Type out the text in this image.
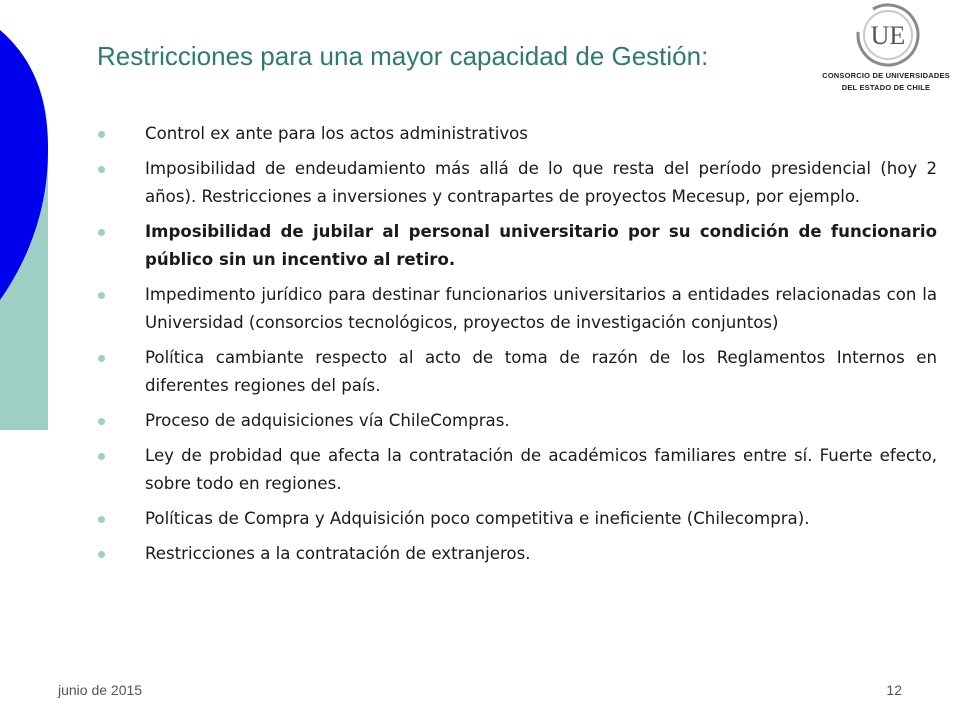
Restricciones para una mayor capacidad de Gestión:
UE
CONSORCIO DE UNIVERSIDADES
DEL ESTADO DE CHILE
Control ex ante para los actos administrativos
Imposibilidad de endeudamiento más allá de lo que resta del período presidencial (hoy 2 años). Restricciones a inversiones y contrapartes de proyectos Mecesup, por ejemplo.
Imposibilidad de jubilar al personal universitario por su condición de funcionario público sin un incentivo al retiro.
Impedimento jurídico para destinar funcionarios universitarios a entidades relacionadas con la Universidad (consorcios tecnológicos, proyectos de investigación conjuntos)
Política cambiante respecto al acto de toma de razón de los Reglamentos Internos en diferentes regiones del país.
Proceso de adquisiciones vía ChileCompras.
Ley de probidad que afecta la contratación de académicos familiares entre sí. Fuerte efecto, sobre todo en regiones.
Políticas de Compra y Adquisición poco competitiva e ineficiente (Chilecompra).
Restricciones a la contratación de extranjeros.
junio de 2015	12
